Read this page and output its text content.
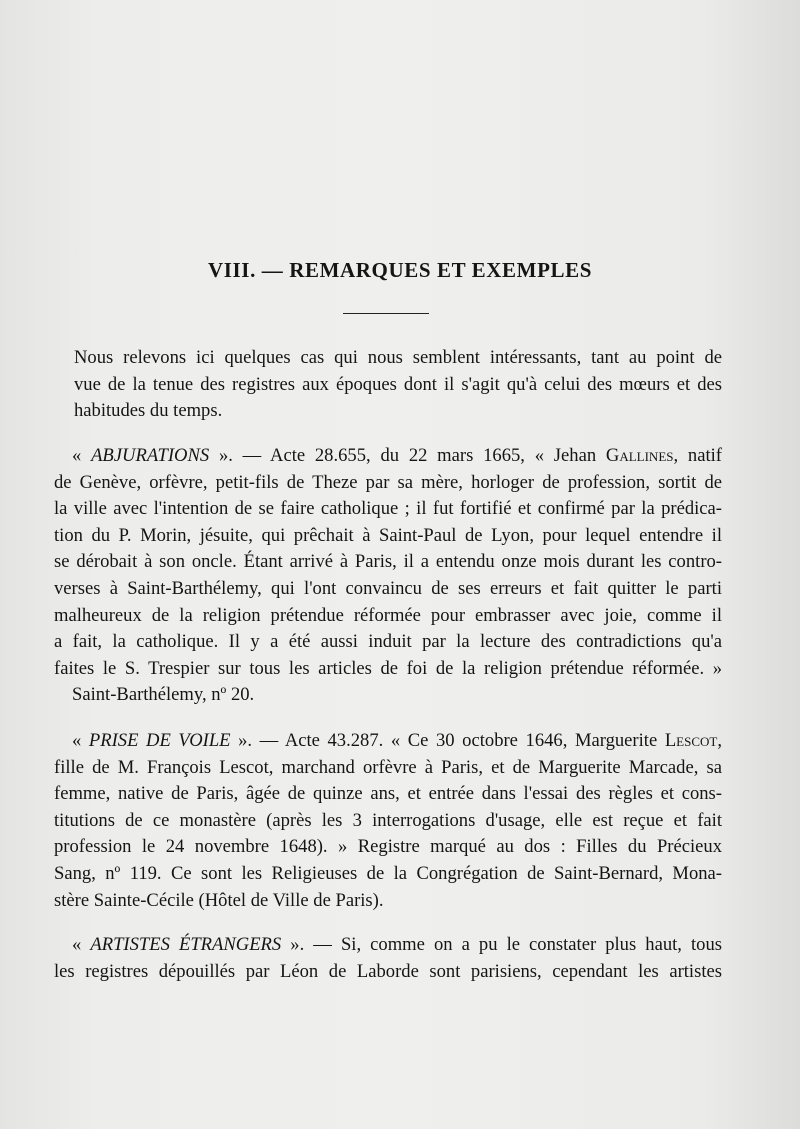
VIII. — REMARQUES ET EXEMPLES
Nous relevons ici quelques cas qui nous semblent intéressants, tant au point de
vue de la tenue des registres aux époques dont il s'agit qu'à celui des mœurs et des
habitudes du temps.
« ABJURATIONS ». — Acte 28.655, du 22 mars 1665, « Jehan Gallines, natif
de Genève, orfèvre, petit-fils de Theze par sa mère, horloger de profession, sortit de
la ville avec l'intention de se faire catholique ; il fut fortifié et confirmé par la prédica-
tion du P. Morin, jésuite, qui prêchait à Saint-Paul de Lyon, pour lequel entendre il
se dérobait à son oncle. Étant arrivé à Paris, il a entendu onze mois durant les contro-
verses à Saint-Barthélemy, qui l'ont convaincu de ses erreurs et fait quitter le parti
malheureux de la religion prétendue réformée pour embrasser avec joie, comme il
a fait, la catholique. Il y a été aussi induit par la lecture des contradictions qu'a
faites le S. Trespier sur tous les articles de foi de la religion prétendue réformée. »
Saint-Barthélemy, nº 20.
« PRISE DE VOILE ». — Acte 43.287. « Ce 30 octobre 1646, Marguerite Lescot,
fille de M. François Lescot, marchand orfèvre à Paris, et de Marguerite Marcade, sa
femme, native de Paris, âgée de quinze ans, et entrée dans l'essai des règles et cons-
titutions de ce monastère (après les 3 interrogations d'usage, elle est reçue et fait
profession le 24 novembre 1648). » Registre marqué au dos : Filles du Précieux
Sang, nº 119. Ce sont les Religieuses de la Congrégation de Saint-Bernard, Mona-
stère Sainte-Cécile (Hôtel de Ville de Paris).
« ARTISTES ÉTRANGERS ». — Si, comme on a pu le constater plus haut, tous
les registres dépouillés par Léon de Laborde sont parisiens, cependant les artistes
